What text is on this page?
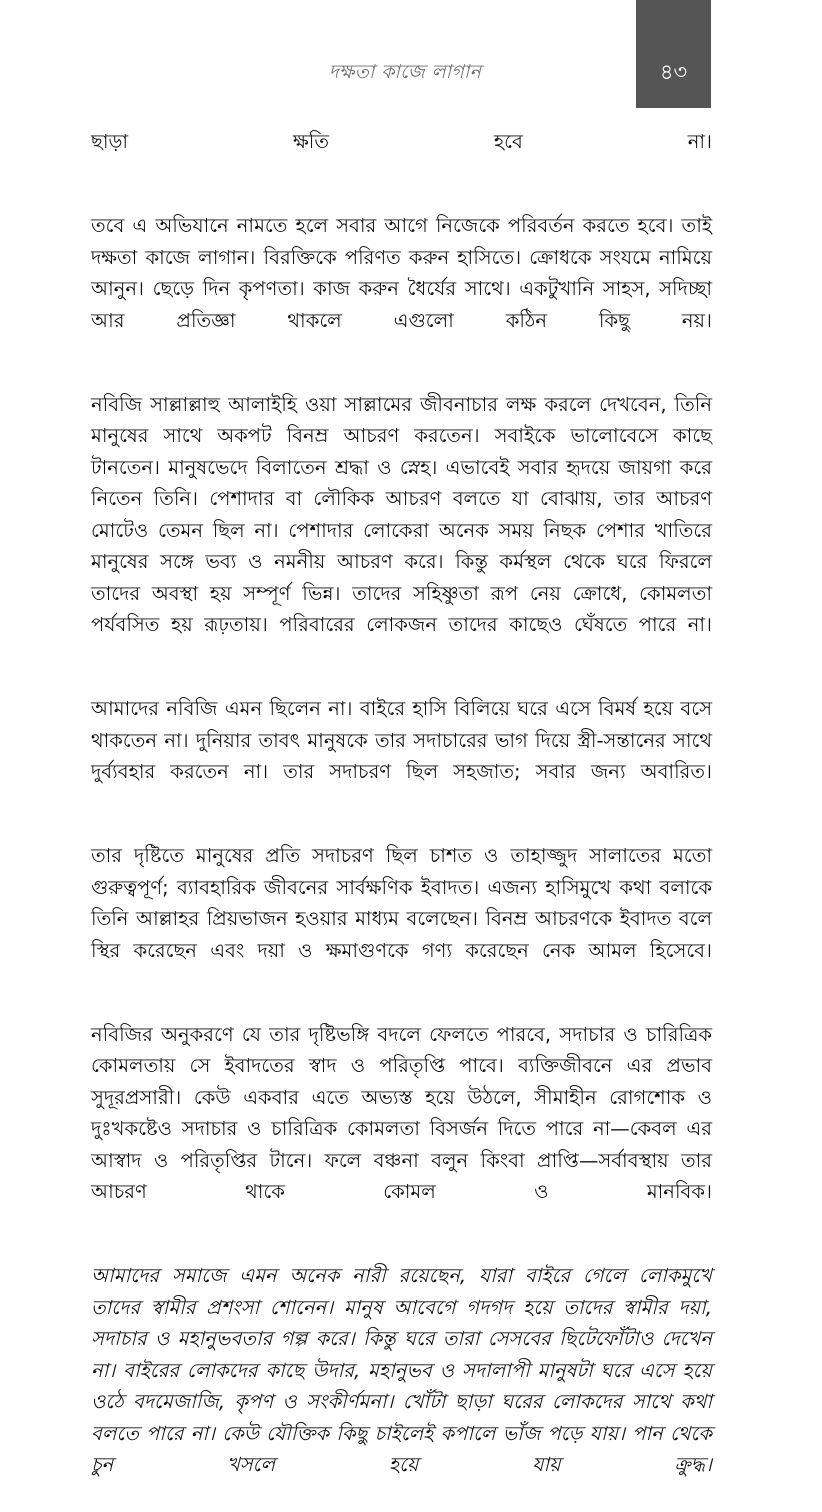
দক্ষতা কাজে লাগান	৪৩

ছাড়া ক্ষতি হবে না।

তবে এ অভিযানে নামতে হলে সবার আগে নিজেকে পরিবর্তন করতে হবে। তাই দক্ষতা কাজে লাগান। বিরক্তিকে পরিণত করুন হাসিতে। ক্রোধকে সংযমে নামিয়ে আনুন। ছেড়ে দিন কৃপণতা। কাজ করুন ধৈর্যের সাথে। একটুখানি সাহস, সদিচ্ছা আর প্রতিজ্ঞা থাকলে এগুলো কঠিন কিছু নয়।

নবিজি সাল্লাল্লাহু আলাইহি ওয়া সাল্লামের জীবনাচার লক্ষ করলে দেখবেন, তিনি মানুষের সাথে অকপট বিনম্র আচরণ করতেন। সবাইকে ভালোবেসে কাছে টানতেন। মানুষভেদে বিলাতেন শ্রদ্ধা ও স্নেহ। এভাবেই সবার হৃদয়ে জায়গা করে নিতেন তিনি। পেশাদার বা লৌকিক আচরণ বলতে যা বোঝায়, তার আচরণ মোটেও তেমন ছিল না। পেশাদার লোকেরা অনেক সময় নিছক পেশার খাতিরে মানুষের সঙ্গে ভব্য ও নমনীয় আচরণ করে। কিন্তু কর্মস্থল থেকে ঘরে ফিরলে তাদের অবস্থা হয় সম্পূর্ণ ভিন্ন। তাদের সহিষ্ণুতা রূপ নেয় ক্রোধে, কোমলতা পর্যবসিত হয় রূঢ়তায়। পরিবারের লোকজন তাদের কাছেও ঘেঁষতে পারে না।

আমাদের নবিজি এমন ছিলেন না। বাইরে হাসি বিলিয়ে ঘরে এসে বিমর্ষ হয়ে বসে থাকতেন না। দুনিয়ার তাবৎ মানুষকে তার সদাচারের ভাগ দিয়ে স্ত্রী-সন্তানের সাথে দুর্ব্যবহার করতেন না। তার সদাচরণ ছিল সহজাত; সবার জন্য অবারিত।

তার দৃষ্টিতে মানুষের প্রতি সদাচরণ ছিল চাশত ও তাহাজ্জুদ সালাতের মতো গুরুত্বপূর্ণ; ব্যাবহারিক জীবনের সার্বক্ষণিক ইবাদত। এজন্য হাসিমুখে কথা বলাকে তিনি আল্লাহর প্রিয়ভাজন হওয়ার মাধ্যম বলেছেন। বিনম্র আচরণকে ইবাদত বলে স্থির করেছেন এবং দয়া ও ক্ষমাগুণকে গণ্য করেছেন নেক আমল হিসেবে।

নবিজির অনুকরণে যে তার দৃষ্টিভঙ্গি বদলে ফেলতে পারবে, সদাচার ও চারিত্রিক কোমলতায় সে ইবাদতের স্বাদ ও পরিতৃপ্তি পাবে। ব্যক্তিজীবনে এর প্রভাব সুদূরপ্রসারী। কেউ একবার এতে অভ্যস্ত হয়ে উঠলে, সীমাহীন রোগশোক ও দুঃখকষ্টেও সদাচার ও চারিত্রিক কোমলতা বিসর্জন দিতে পারে না—কেবল এর আস্বাদ ও পরিতৃপ্তির টানে। ফলে বঞ্চনা বলুন কিংবা প্রাপ্তি—সর্বাবস্থায় তার আচরণ থাকে কোমল ও মানবিক।

আমাদের সমাজে এমন অনেক নারী রয়েছেন, যারা বাইরে গেলে লোকমুখে তাদের স্বামীর প্রশংসা শোনেন। মানুষ আবেগে গদগদ হয়ে তাদের স্বামীর দয়া, সদাচার ও মহানুভবতার গল্প করে। কিন্তু ঘরে তারা সেসবের ছিটেফোঁটাও দেখেন না। বাইরের লোকদের কাছে উদার, মহানুভব ও সদালাপী মানুষটা ঘরে এসে হয়ে ওঠে বদমেজাজি, কৃপণ ও সংকীর্ণমনা। খোঁটা ছাড়া ঘরের লোকদের সাথে কথা বলতে পারে না। কেউ যৌক্তিক কিছু চাইলেই কপালে ভাঁজ পড়ে যায়। পান থেকে চুন খসলে হয়ে যায় ক্রুদ্ধ।
